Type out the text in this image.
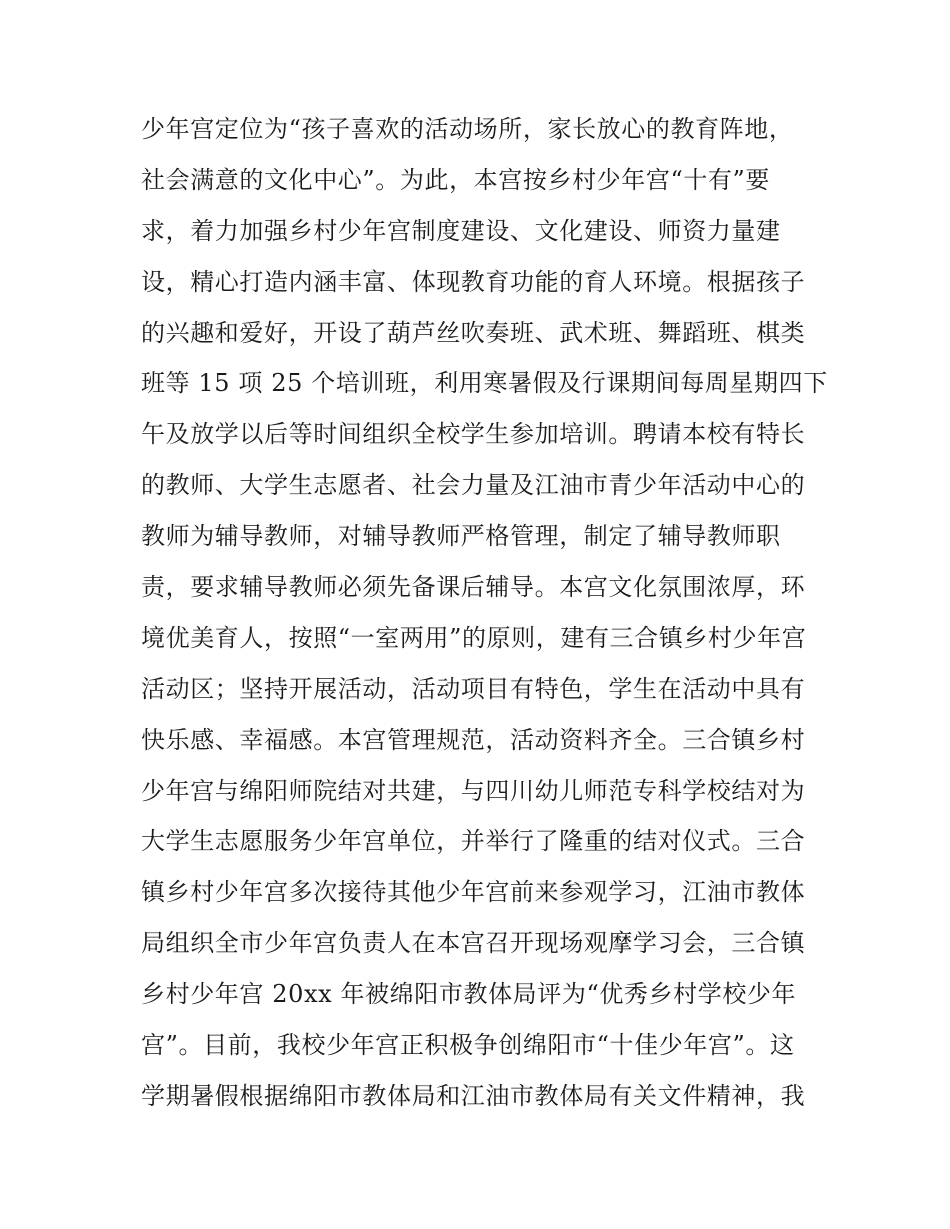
少年宫定位为“孩子喜欢的活动场所，家长放心的教育阵地，
社会满意的文化中心”。为此，本宫按乡村少年宫“十有”要
求，着力加强乡村少年宫制度建设、文化建设、师资力量建
设，精心打造内涵丰富、体现教育功能的育人环境。根据孩子
的兴趣和爱好，开设了葫芦丝吹奏班、武术班、舞蹈班、棋类
班等 15 项 25 个培训班，利用寒暑假及行课期间每周星期四下
午及放学以后等时间组织全校学生参加培训。聘请本校有特长
的教师、大学生志愿者、社会力量及江油市青少年活动中心的
教师为辅导教师，对辅导教师严格管理，制定了辅导教师职
责，要求辅导教师必须先备课后辅导。本宫文化氛围浓厚，环
境优美育人，按照“一室两用”的原则，建有三合镇乡村少年宫
活动区；坚持开展活动，活动项目有特色，学生在活动中具有
快乐感、幸福感。本宫管理规范，活动资料齐全。三合镇乡村
少年宫与绵阳师院结对共建，与四川幼儿师范专科学校结对为
大学生志愿服务少年宫单位，并举行了隆重的结对仪式。三合
镇乡村少年宫多次接待其他少年宫前来参观学习，江油市教体
局组织全市少年宫负责人在本宫召开现场观摩学习会，三合镇
乡村少年宫 20xx 年被绵阳市教体局评为“优秀乡村学校少年
宫”。目前，我校少年宫正积极争创绵阳市“十佳少年宫”。这
学期暑假根据绵阳市教体局和江油市教体局有关文件精神，我
